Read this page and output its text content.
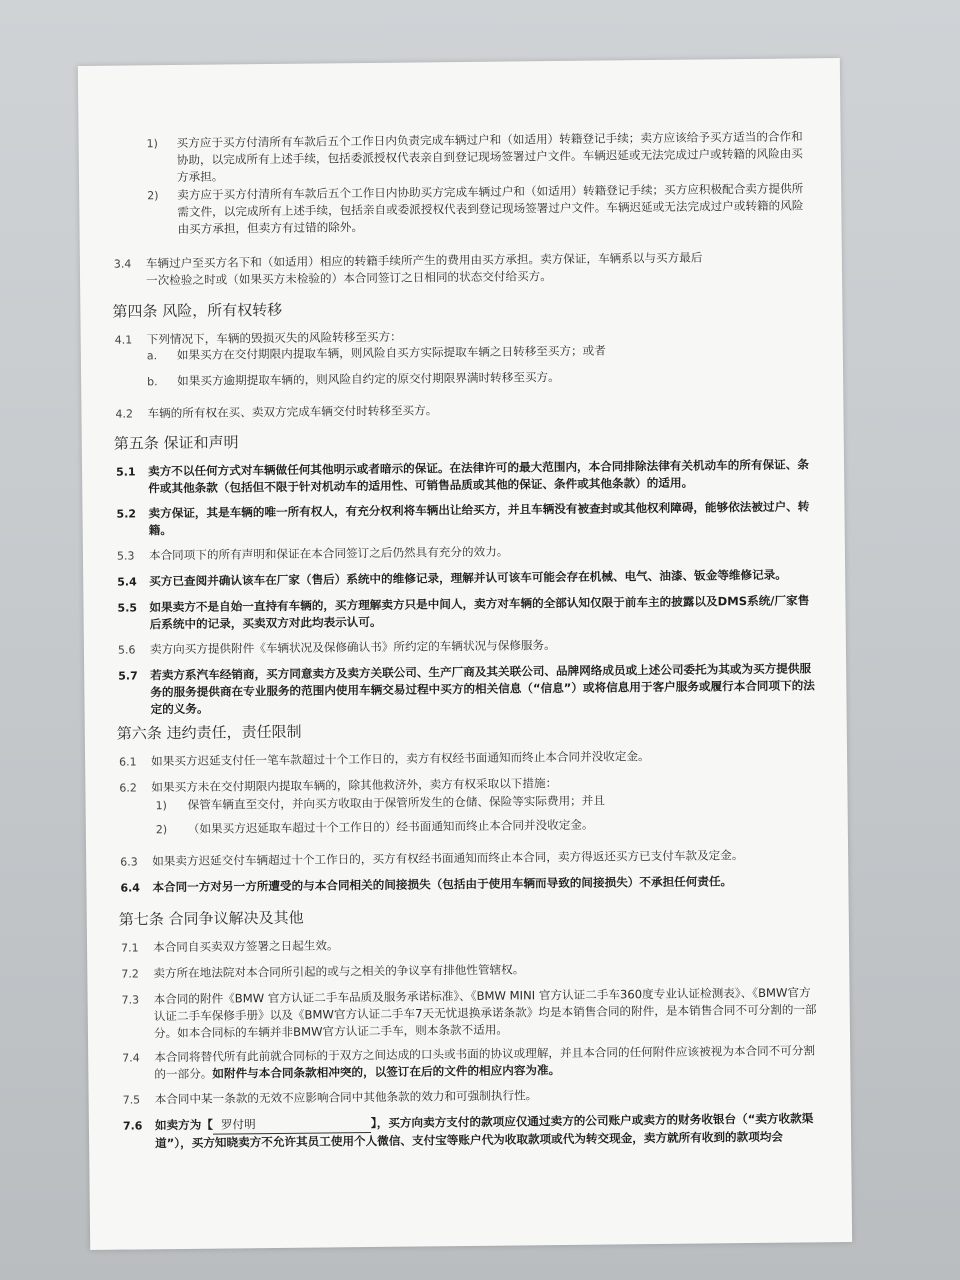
1) 买方应于买方付清所有车款后五个工作日内负责完成车辆过户和（如适用）转籍登记手续；卖方应该给予买方适当的合作和协助，以完成所有上述手续，包括委派授权代表亲自到登记现场签署过户文件。车辆迟延或无法完成过户或转籍的风险由买方承担。
2) 卖方应于买方付清所有车款后五个工作日内协助买方完成车辆过户和（如适用）转籍登记手续；买方应积极配合卖方提供所需文件，以完成所有上述手续，包括亲自或委派授权代表到登记现场签署过户文件。车辆迟延或无法完成过户或转籍的风险由买方承担，但卖方有过错的除外。
3.4 车辆过户至买方名下和（如适用）相应的转籍手续所产生的费用由买方承担。卖方保证，车辆系以与买方最后一次检验之时或（如果买方未检验的）本合同签订之日相同的状态交付给买方。
第四条 风险，所有权转移
4.1 下列情况下，车辆的毁损灭失的风险转移至买方：
a. 如果买方在交付期限内提取车辆，则风险自买方实际提取车辆之日转移至买方；或者
b. 如果买方逾期提取车辆的，则风险自约定的原交付期限界满时转移至买方。
4.2 车辆的所有权在买、卖双方完成车辆交付时转移至买方。
第五条 保证和声明
5.1 卖方不以任何方式对车辆做任何其他明示或者暗示的保证。在法律许可的最大范围内，本合同排除法律有关机动车的所有保证、条件或其他条款（包括但不限于针对机动车的适用性、可销售品质或其他的保证、条件或其他条款）的适用。
5.2 卖方保证，其是车辆的唯一所有权人，有充分权利将车辆出让给买方，并且车辆没有被查封或其他权利障碍，能够依法被过户、转籍。
5.3 本合同项下的所有声明和保证在本合同签订之后仍然具有充分的效力。
5.4 买方已查阅并确认该车在厂家（售后）系统中的维修记录，理解并认可该车可能会存在机械、电气、油漆、钣金等维修记录。
5.5 如果卖方不是自始一直持有车辆的，买方理解卖方只是中间人，卖方对车辆的全部认知仅限于前车主的披露以及DMS系统/厂家售后系统中的记录，买卖双方对此均表示认可。
5.6 卖方向买方提供附件《车辆状况及保修确认书》所约定的车辆状况与保修服务。
5.7 若卖方系汽车经销商，买方同意卖方及卖方关联公司、生产厂商及其关联公司、品牌网络成员或上述公司委托为其或为买方提供服务的服务提供商在专业服务的范围内使用车辆交易过程中买方的相关信息（“信息”）或将信息用于客户服务或履行本合同项下的法定的义务。
第六条 违约责任，责任限制
6.1 如果买方迟延支付任一笔车款超过十个工作日的，卖方有权经书面通知而终止本合同并没收定金。
6.2 如果买方未在交付期限内提取车辆的，除其他救济外，卖方有权采取以下措施：
1) 保管车辆直至交付，并向买方收取由于保管所发生的仓储、保险等实际费用；并且
2) （如果买方迟延取车超过十个工作日的）经书面通知而终止本合同并没收定金。
6.3 如果卖方迟延交付车辆超过十个工作日的，买方有权经书面通知而终止本合同，卖方得返还买方已支付车款及定金。
6.4 本合同一方对另一方所遭受的与本合同相关的间接损失（包括由于使用车辆而导致的间接损失）不承担任何责任。
第七条 合同争议解决及其他
7.1 本合同自买卖双方签署之日起生效。
7.2 卖方所在地法院对本合同所引起的或与之相关的争议享有排他性管辖权。
7.3 本合同的附件《BMW 官方认证二手车品质及服务承诺标准》、《BMW MINI 官方认证二手车360度专业认证检测表》、《BMW官方认证二手车保修手册》以及《BMW官方认证二手车7天无忧退换承诺条款》均是本销售合同的附件，是本销售合同不可分割的一部分。如本合同标的车辆并非BMW官方认证二手车，则本条款不适用。
7.4 本合同将替代所有此前就合同标的于双方之间达成的口头或书面的协议或理解，并且本合同的任何附件应该被视为本合同不可分割的一部分。如附件与本合同条款相冲突的，以签订在后的文件的相应内容为准。
7.5 本合同中某一条款的无效不应影响合同中其他条款的效力和可强制执行性。
7.6 如卖方为【 罗付明	】，买方向卖方支付的款项应仅通过卖方的公司账户或卖方的财务收银台（“卖方收款渠道”），买方知晓卖方不允许其员工使用个人微信、支付宝等账户代为收取款项或代为转交现金，卖方就所有收到的款项均会
